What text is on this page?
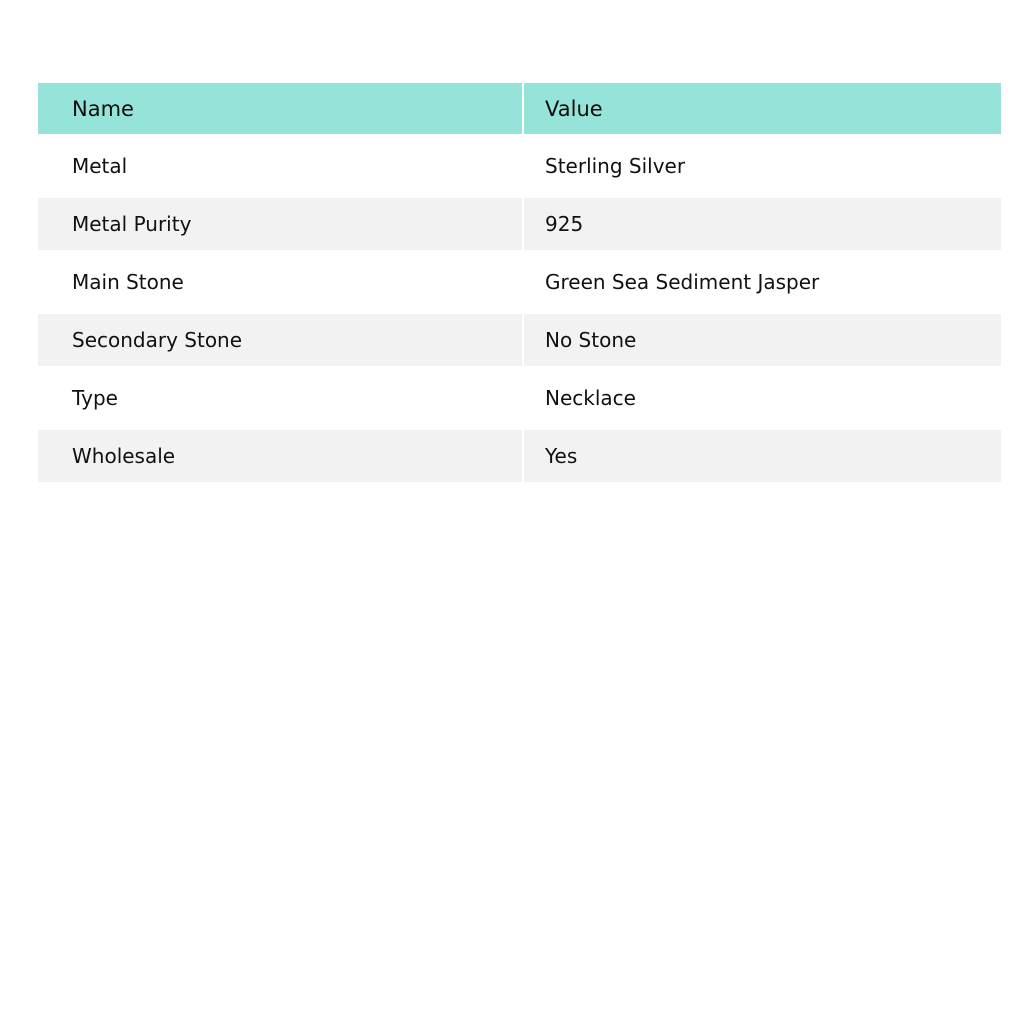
Name	Value
Metal	Sterling Silver
Metal Purity	925
Main Stone	Green Sea Sediment Jasper
Secondary Stone	No Stone
Type	Necklace
Wholesale	Yes
